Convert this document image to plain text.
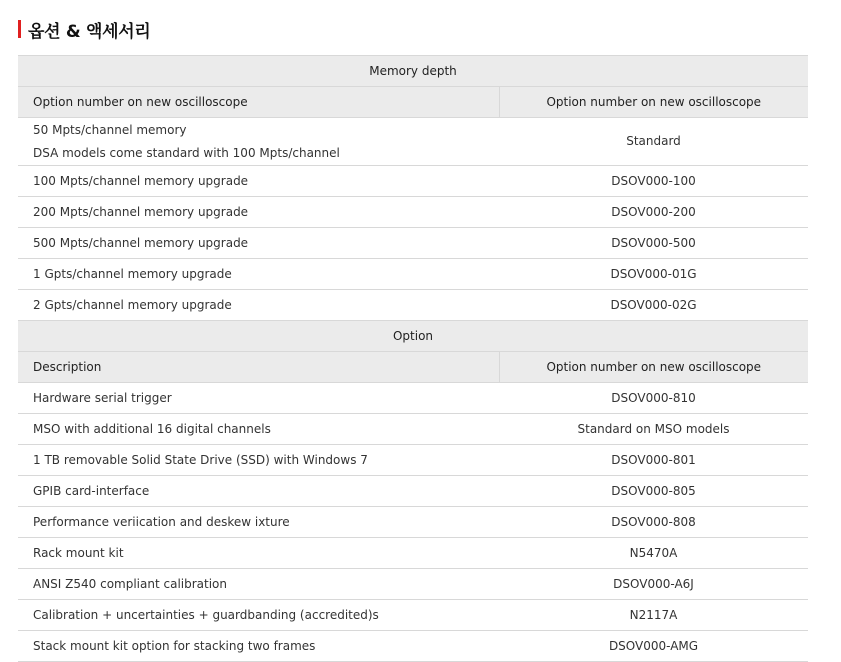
옵션 & 액세서리
Memory depth	
Option number on new oscilloscope	Option number on new oscilloscope
50 Mpts/channel memory
DSA models come standard with 100 Mpts/channel	Standard
100 Mpts/channel memory upgrade	DSOV000-100
200 Mpts/channel memory upgrade	DSOV000-200
500 Mpts/channel memory upgrade	DSOV000-500
1 Gpts/channel memory upgrade	DSOV000-01G
2 Gpts/channel memory upgrade	DSOV000-02G
Option	
Description	Option number on new oscilloscope
Hardware serial trigger	DSOV000-810
MSO with additional 16 digital channels	Standard on MSO models
1 TB removable Solid State Drive (SSD) with Windows 7	DSOV000-801
GPIB card-interface	DSOV000-805
Performance veriication and deskew ixture	DSOV000-808
Rack mount kit	N5470A
ANSI Z540 compliant calibration	DSOV000-A6J
Calibration + uncertainties + guardbanding (accredited)s	N2117A
Stack mount kit option for stacking two frames	DSOV000-AMG
